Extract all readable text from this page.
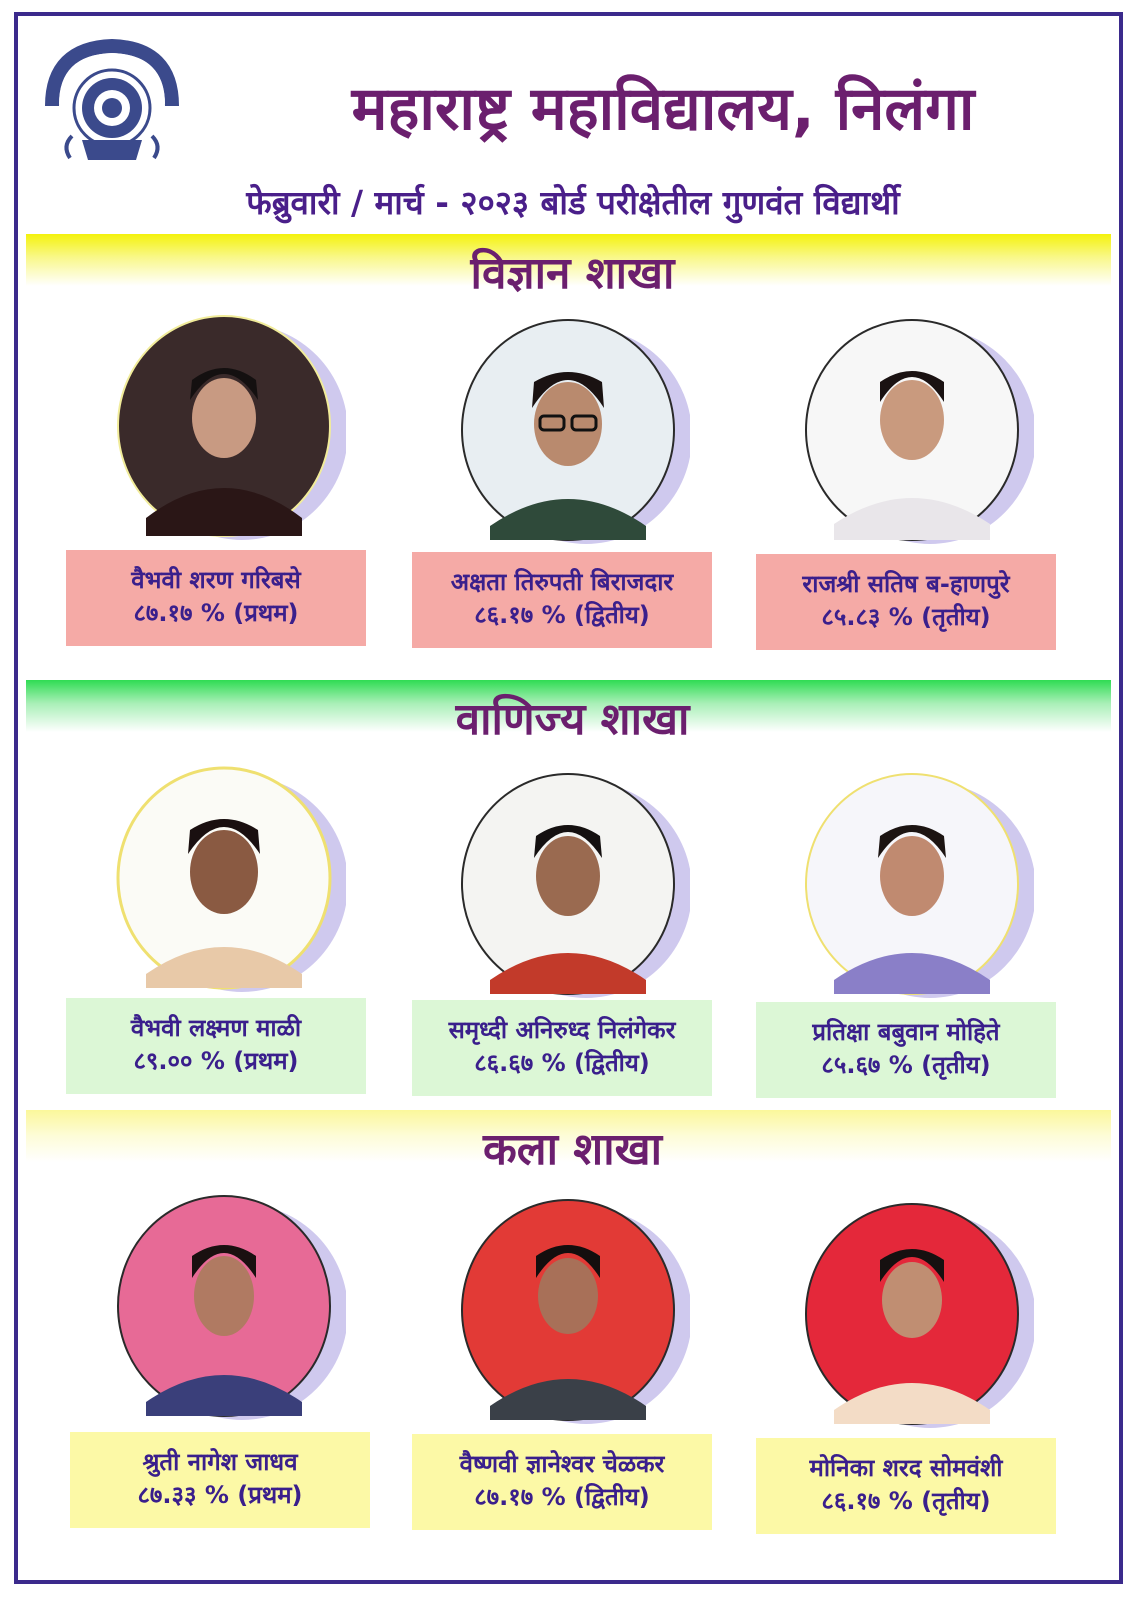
महाराष्ट्र महाविद्यालय, निलंगा
फेब्रुवारी / मार्च - २०२३ बोर्ड परीक्षेतील गुणवंत विद्यार्थी
विज्ञान शाखा
वाणिज्य शाखा
कला शाखा
वैभवी शरण गरिबसे
८७.१७ % (प्रथम)
अक्षता तिरुपती बिराजदार
८६.१७ % (द्वितीय)
राजश्री सतिष ब-हाणपुरे
८५.८३ % (तृतीय)
वैभवी लक्ष्मण माळी
८९.०० % (प्रथम)
समृध्दी अनिरुध्द निलंगेकर
८६.६७ % (द्वितीय)
प्रतिक्षा बबुवान मोहिते
८५.६७ % (तृतीय)
श्रुती नागेश जाधव
८७.३३ % (प्रथम)
वैष्णवी ज्ञानेश्वर चेळकर
८७.१७ % (द्वितीय)
मोनिका शरद सोमवंशी
८६.१७ % (तृतीय)
